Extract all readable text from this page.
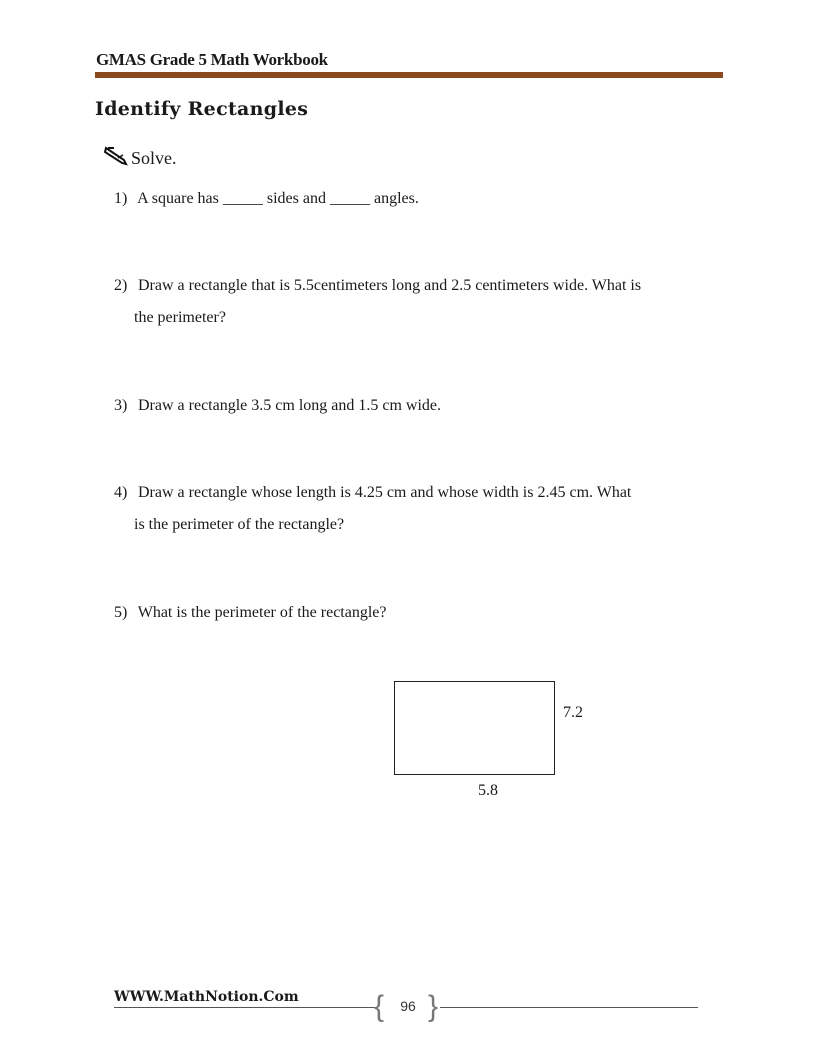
GMAS Grade 5 Math Workbook
Identify Rectangles
Solve.
1) A square has _____ sides and _____ angles.
2) Draw a rectangle that is 5.5centimeters long and 2.5 centimeters wide. What is
the perimeter?
3) Draw a rectangle 3.5 cm long and 1.5 cm wide.
4) Draw a rectangle whose length is 4.25 cm and whose width is 2.45 cm. What
is the perimeter of the rectangle?
5) What is the perimeter of the rectangle?
7.2
5.8
WWW.MathNotion.Com	{ 96 }
